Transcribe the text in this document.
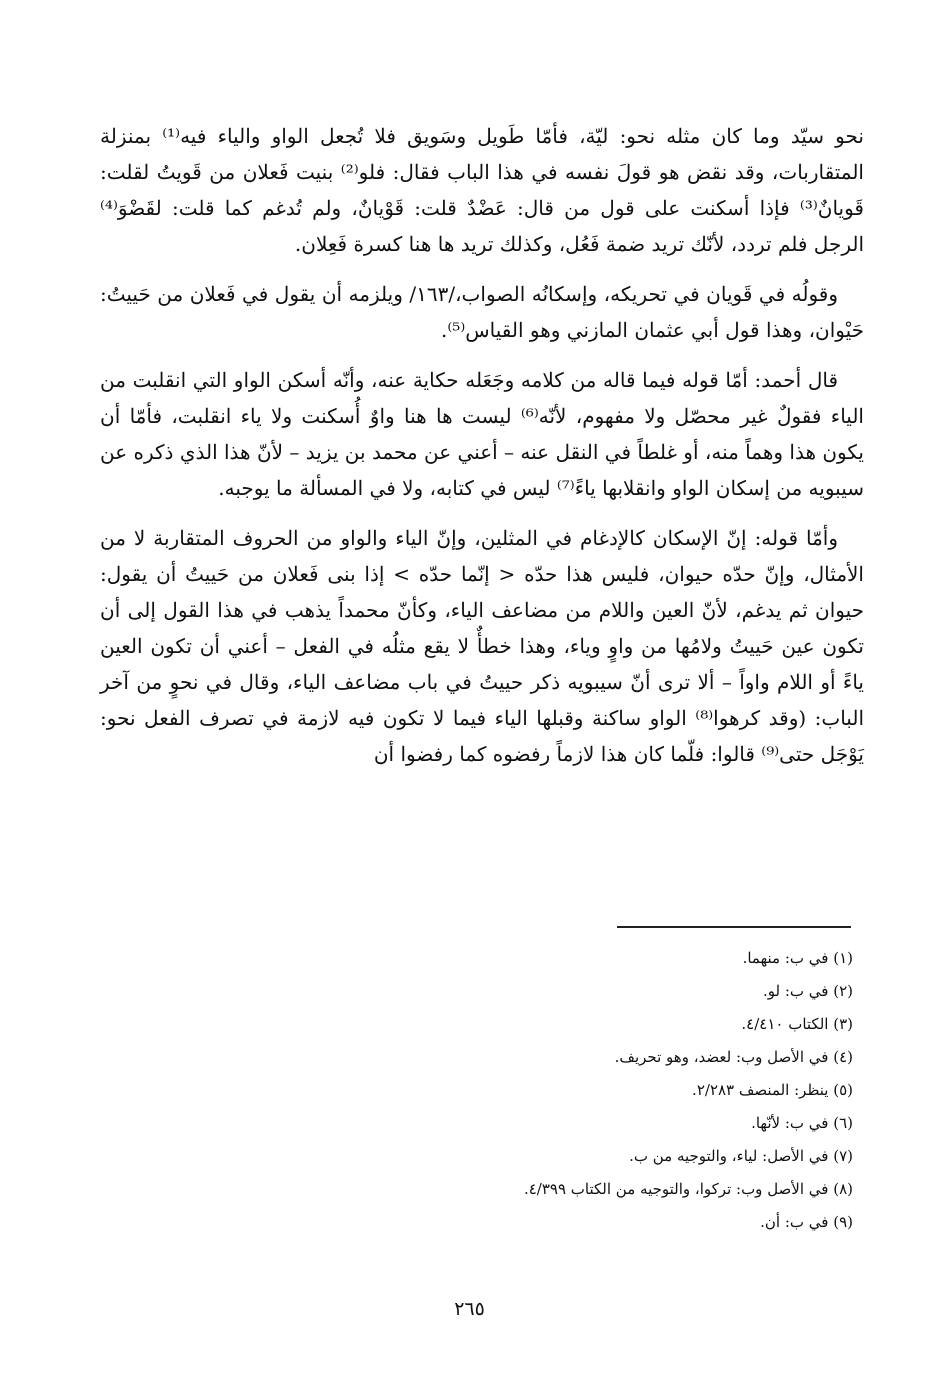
نحو سيّد وما كان مثله نحو: ليّة، فأمّا طَويل وسَويق فلا تُجعل الواو والياء فيه⁽¹⁾ بمنزلة المتقاربات، وقد نقض هو قولَ نفسه في هذا الباب فقال: فلو⁽²⁾ بنيت فَعلان من قَويتُ لقلت: قَويانٌ⁽³⁾ فإذا أسكنت على قول من قال: عَضْدٌ قلت: قَوْيانٌ، ولم تُدغم كما قلت: لقَضْوَ⁽⁴⁾ الرجل فلم تردد، لأنّك تريد ضمة فَعُل، وكذلك تريد ها هنا كسرة فَعِلان.

وقولُه في قَويان في تحريكه، وإسكانُه الصواب،/١٦٣/ ويلزمه أن يقول في فَعلان من حَييتُ: حَيْوان، وهذا قول أبي عثمان المازني وهو القياس⁽⁵⁾.

قال أحمد: أمّا قوله فيما قاله من كلامه وجَعَله حكاية عنه، وأنّه أسكن الواو التي انقلبت من الياء فقولٌ غير محصّل ولا مفهوم، لأنّه⁽⁶⁾ ليست ها هنا واوٌ أُسكنت ولا ياء انقلبت، فأمّا أن يكون هذا وهماً منه، أو غلطاً في النقل عنه – أعني عن محمد بن يزيد – لأنّ هذا الذي ذكره عن سيبويه من إسكان الواو وانقلابها ياءً⁽⁷⁾ ليس في كتابه، ولا في المسألة ما يوجبه.

وأمّا قوله: إنّ الإسكان كالإدغام في المثلين، وإنّ الياء والواو من الحروف المتقاربة لا من الأمثال، وإنّ حدّه حيوان، فليس هذا حدّه < إنّما حدّه > إذا بنى فَعلان من حَييتُ أن يقول: حيوان ثم يدغم، لأنّ العين واللام من مضاعف الياء، وكأنّ محمداً يذهب في هذا القول إلى أن تكون عين حَييتُ ولامُها من واوٍ وياء، وهذا خطأٌ لا يقع مثلُه في الفعل – أعني أن تكون العين ياءً أو اللام واواً – ألا ترى أنّ سيبويه ذكر حييتُ في باب مضاعف الياء، وقال في نحوٍ من آخر الباب: (وقد كرهوا⁽⁸⁾ الواو ساكنة وقبلها الياء فيما لا تكون فيه لازمة في تصرف الفعل نحو: يَوْجَل حتى⁽⁹⁾ قالوا: فلّما كان هذا لازماً رفضوه كما رفضوا أن

(١) في ب: منهما.
(٢) في ب: لو.
(٣) الكتاب ٤/٤١٠.
(٤) في الأصل وب: لعضد، وهو تحريف.
(٥) ينظر: المنصف ٢/٢٨٣.
(٦) في ب: لأنّها.
(٧) في الأصل: لياء، والتوجيه من ب.
(٨) في الأصل وب: تركوا، والتوجيه من الكتاب ٤/٣٩٩.
(٩) في ب: أن.
٢٦٥
